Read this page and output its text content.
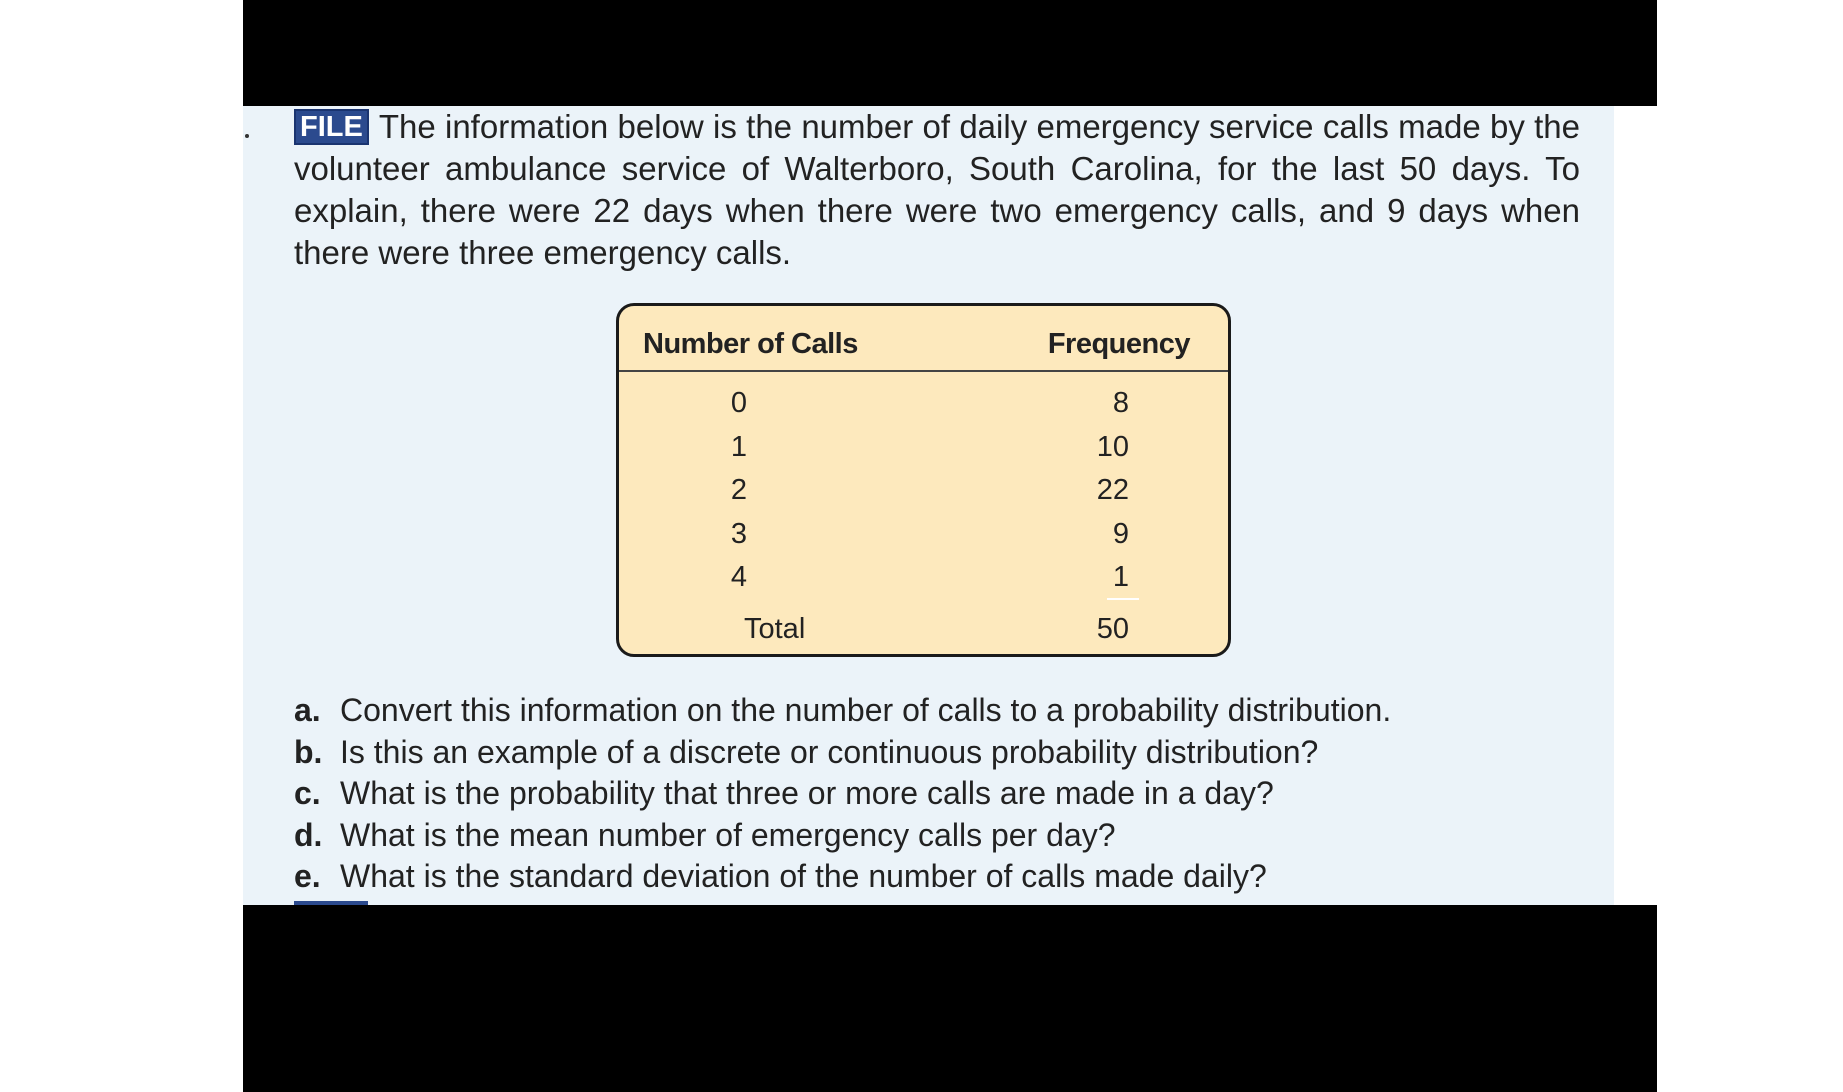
FILE The information below is the number of daily emergency service calls made by the volunteer ambulance service of Walterboro, South Carolina, for the last 50 days. To explain, there were 22 days when there were two emergency calls, and 9 days when there were three emergency calls.
Number of Calls	Frequency
0	8
1	10
2	22
3	9
4	1
Total	50
a. Convert this information on the number of calls to a probability distribution.
b. Is this an example of a discrete or continuous probability distribution?
c. What is the probability that three or more calls are made in a day?
d. What is the mean number of emergency calls per day?
e. What is the standard deviation of the number of calls made daily?
